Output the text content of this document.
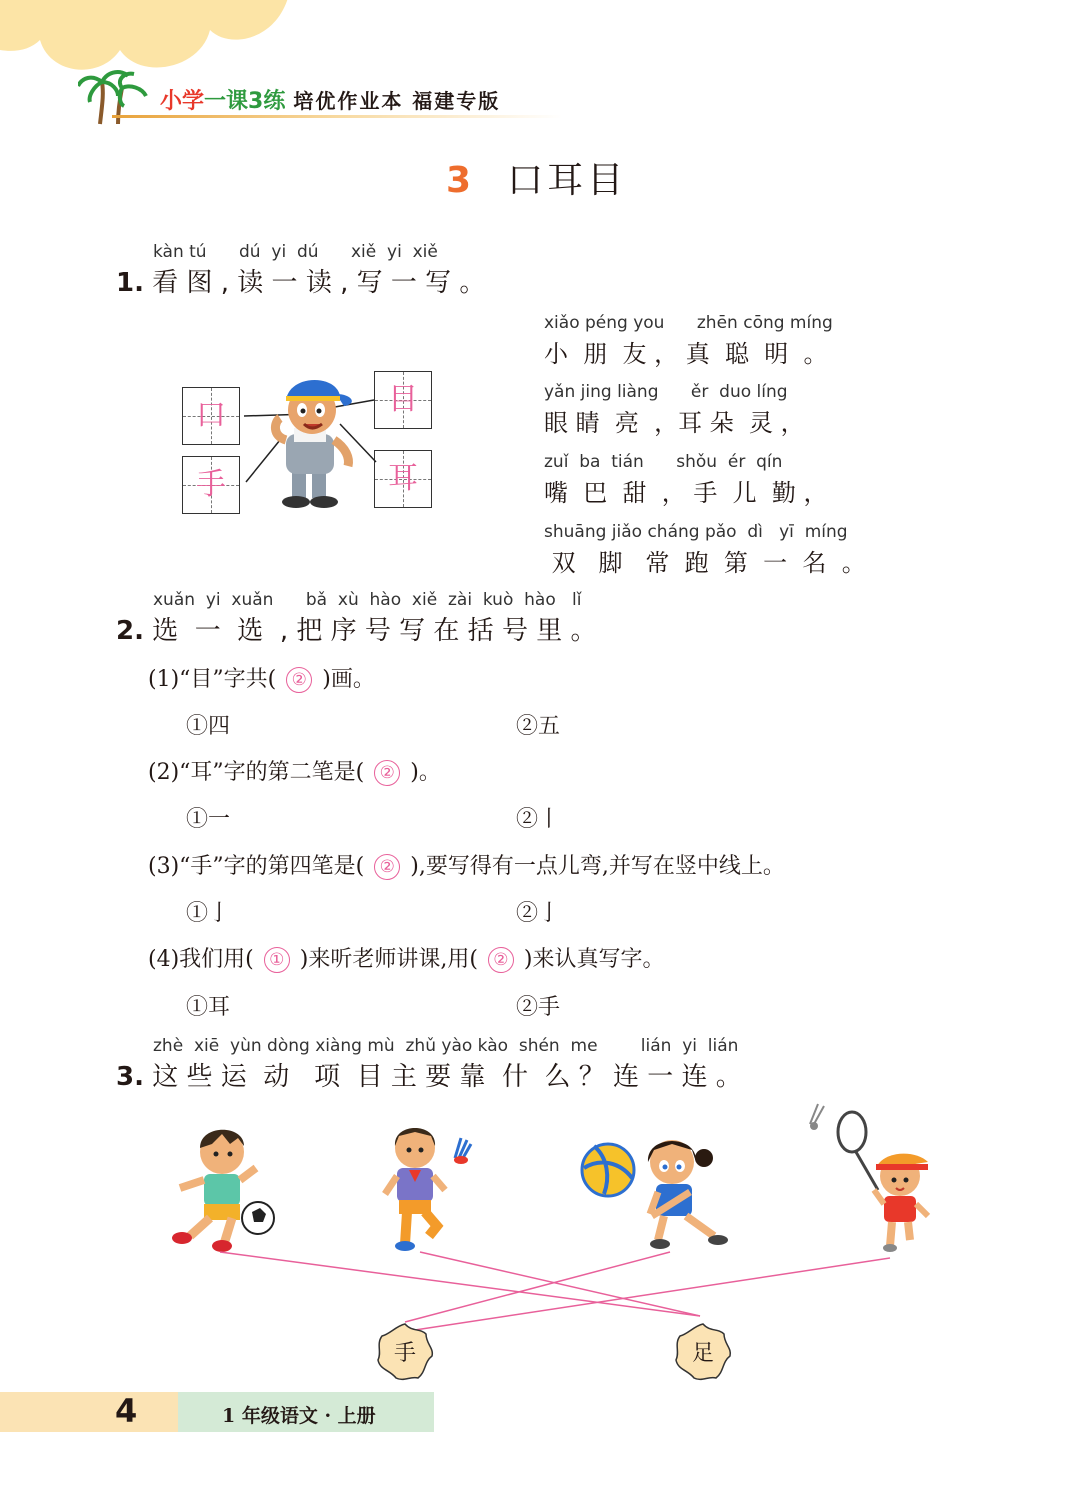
小学一课3练 培优作业本 福建专版
3 口耳目
kàn tú      dú  yi  dú      xiě  yi  xiě
1. 看 图 , 读 一 读 , 写 一 写 。
口
手
目
耳
xiǎo péng you      zhēn cōng míng
小  朋  友 ， 真  聪  明  。
yǎn jing liàng      ěr  duo líng
眼 睛  亮  ，耳 朵  灵 ，
zuǐ  ba  tián      shǒu  ér  qín
嘴  巴  甜  ， 手  儿  勤 ，
shuāng jiǎo cháng pǎo  dì   yī  míng
双   脚   常  跑  第  一  名  。
xuǎn  yi  xuǎn      bǎ  xù  hào  xiě  zài  kuò  hào   lǐ
2. 选  一  选  , 把 序 号 写 在 括 号 里 。
(1)“目”字共( ② )画。
①四	②五
(2)“耳”字的第二笔是( ② )。
①一	②丨
(3)“手”字的第四笔是( ② ),要写得有一点儿弯,并写在竖中线上。
①亅	②亅
(4)我们用( ① )来听老师讲课,用( ② )来认真写字。
①耳	②手
zhè  xiē  yùn dòng xiàng mù  zhǔ yào kào  shén  me        lián  yi  lián
3. 这 些 运  动   项  目 主 要 靠  什  么 ？ 连 一 连 。
手	足
4	1 年级语文 · 上册
